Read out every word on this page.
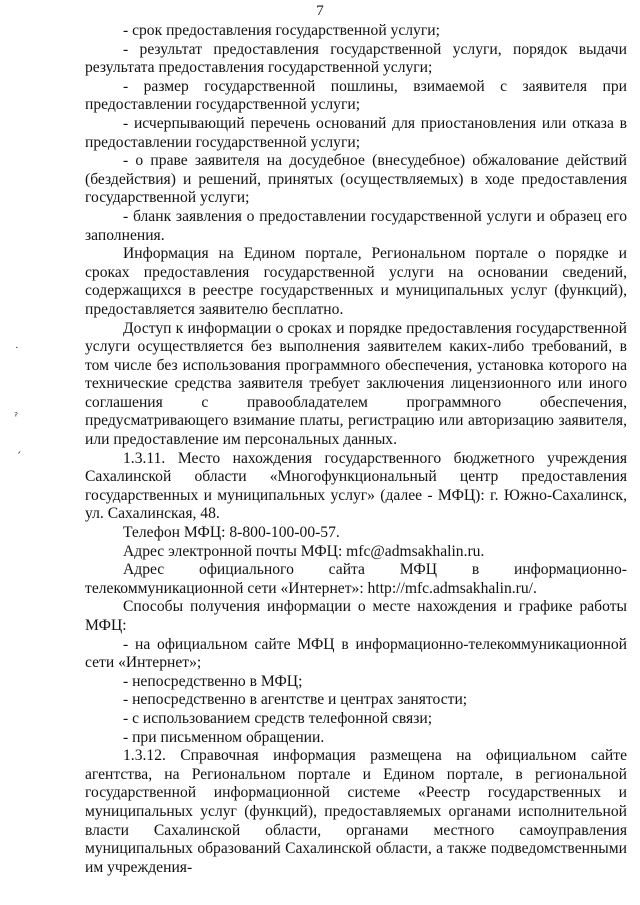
7
˙
ˀ
ˊ

- срок предоставления государственной услуги;

- результат предоставления государственной услуги, порядок выдачи результата предоставления государственной услуги;

- размер государственной пошлины, взимаемой с заявителя при предоставлении государственной услуги;

- исчерпывающий перечень оснований для приостановления или отказа в предоставлении государственной услуги;

- о праве заявителя на досудебное (внесудебное) обжалование действий (бездействия) и решений, принятых (осуществляемых) в ходе предоставления государственной услуги;

- бланк заявления о предоставлении государственной услуги и образец его заполнения.

Информация на Едином портале, Региональном портале о порядке и сроках предоставления государственной услуги на основании сведений, содержащихся в реестре государственных и муниципальных услуг (функций), предоставляется заявителю бесплатно.

Доступ к информации о сроках и порядке предоставления государственной услуги осуществляется без выполнения заявителем каких-либо требований, в том числе без использования программного обеспечения, установка которого на технические средства заявителя требует заключения лицензионного или иного соглашения с правообладателем программного обеспечения, предусматривающего взимание платы, регистрацию или авторизацию заявителя, или предоставление им персональных данных.

1.3.11. Место нахождения государственного бюджетного учреждения Сахалинской области «Многофункциональный центр предоставления государственных и муниципальных услуг» (далее - МФЦ): г. Южно-Сахалинск, ул. Сахалинская, 48.

Телефон МФЦ: 8-800-100-00-57.

Адрес электронной почты МФЦ: mfc@admsakhalin.ru.

Адрес официального сайта МФЦ в информационно-телекоммуникационной сети «Интернет»: http://mfc.admsakhalin.ru/.

Способы получения информации о месте нахождения и графике работы МФЦ:

- на официальном сайте МФЦ в информационно-телекоммуникационной сети «Интернет»;

- непосредственно в МФЦ;

- непосредственно в агентстве и центрах занятости;

- с использованием средств телефонной связи;

- при письменном обращении.

1.3.12. Справочная информация размещена на официальном сайте агентства, на Региональном портале и Едином портале, в региональной государственной информационной системе «Реестр государственных и муниципальных услуг (функций), предоставляемых органами исполнительной власти Сахалинской области, органами местного самоуправления муниципальных образований Сахалинской области, а также подведомственными им учреждения-
